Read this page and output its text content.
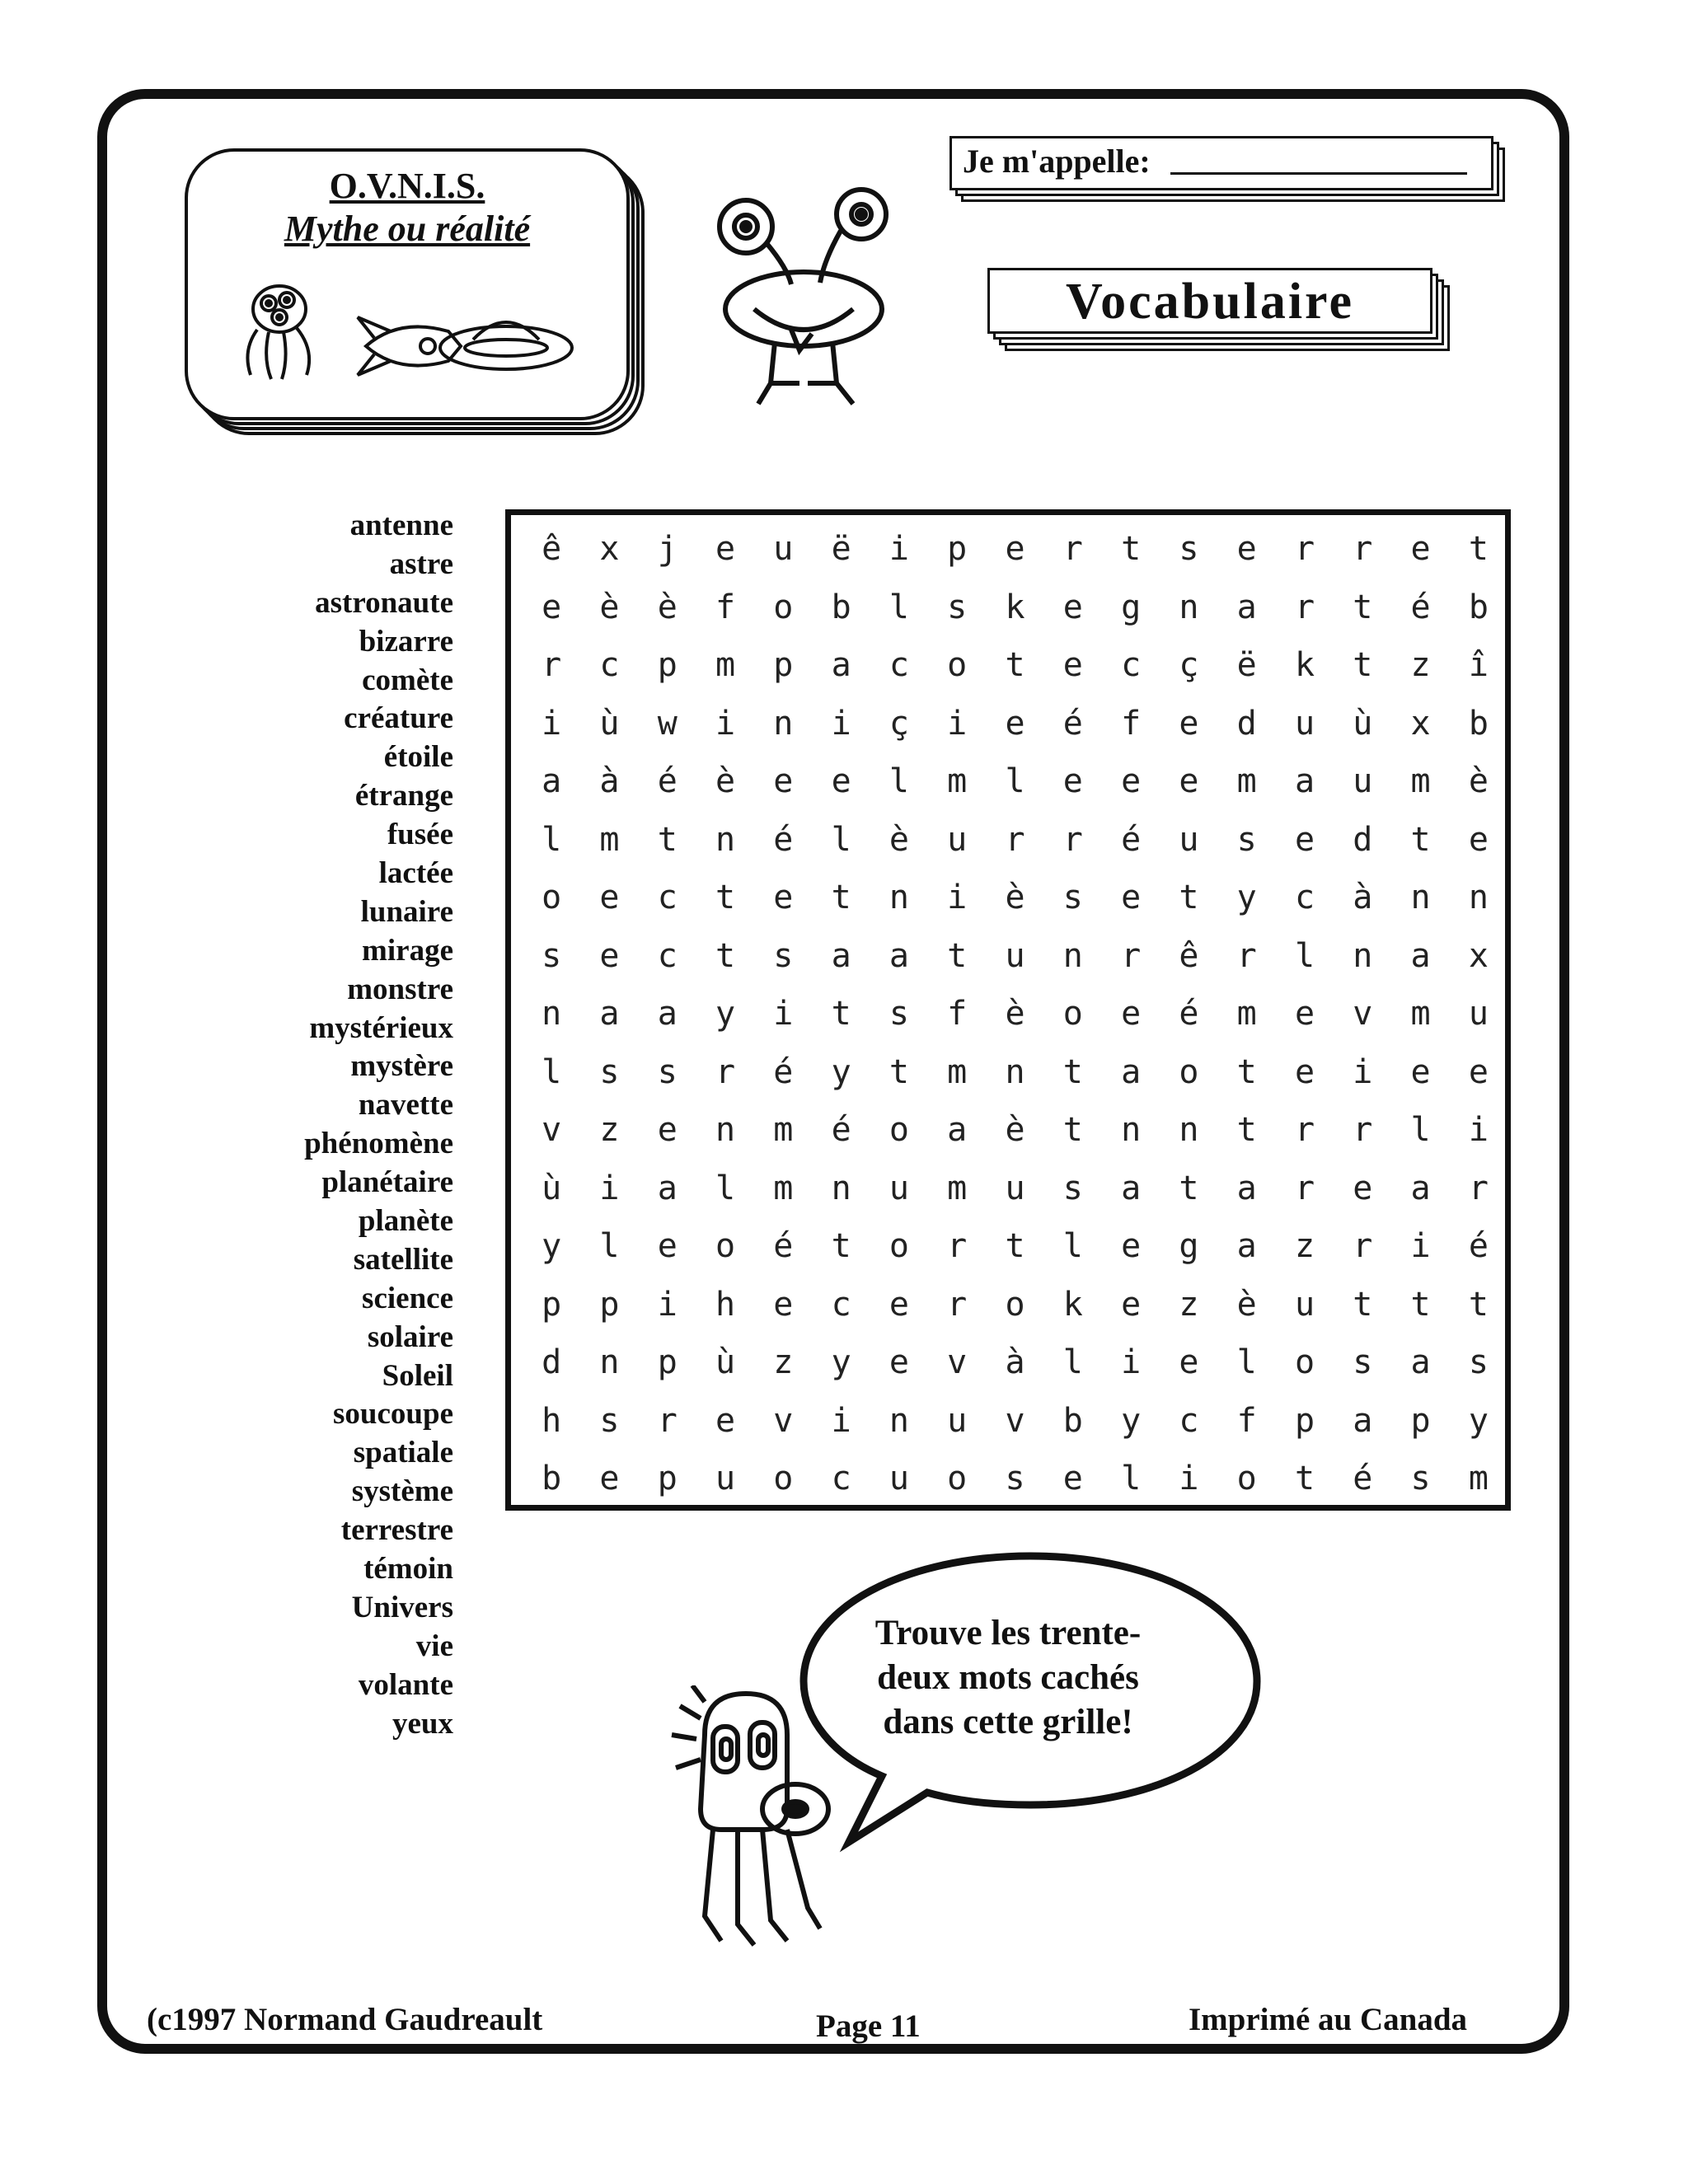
O.V.N.I.S.
Mythe ou réalité
Je m'appelle:
Vocabulaire
antenne
astre
astronaute
bizarre
comète
créature
étoile
étrange
fusée
lactée
lunaire
mirage
monstre
mystérieux
mystère
navette
phénomène
planétaire
planète
satellite
science
solaire
Soleil
soucoupe
spatiale
système
terrestre
témoin
Univers
vie
volante
yeux
ê	x	j	e	u	ë	i	p	e	r	t	s	e	r	r	e	t
e	è	è	f	o	b	l	s	k	e	g	n	a	r	t	é	b
r	c	p	m	p	a	c	o	t	e	c	ç	ë	k	t	z	î
i	ù	w	i	n	i	ç	i	e	é	f	e	d	u	ù	x	b
a	à	é	è	e	e	l	m	l	e	e	e	m	a	u	m	è
l	m	t	n	é	l	è	u	r	r	é	u	s	e	d	t	e
o	e	c	t	e	t	n	i	è	s	e	t	y	c	à	n	n
s	e	c	t	s	a	a	t	u	n	r	ê	r	l	n	a	x
n	a	a	y	i	t	s	f	è	o	e	é	m	e	v	m	u
l	s	s	r	é	y	t	m	n	t	a	o	t	e	i	e	e
v	z	e	n	m	é	o	a	è	t	n	n	t	r	r	l	i
ù	i	a	l	m	n	u	m	u	s	a	t	a	r	e	a	r
y	l	e	o	é	t	o	r	t	l	e	g	a	z	r	i	é
p	p	i	h	e	c	e	r	o	k	e	z	è	u	t	t	t
d	n	p	ù	z	y	e	v	à	l	i	e	l	o	s	a	s
h	s	r	e	v	i	n	u	v	b	y	c	f	p	a	p	y
b	e	p	u	o	c	u	o	s	e	l	i	o	t	é	s	m
Trouve les trente-
deux mots cachés
dans cette grille!
(c1997 Normand Gaudreault	Page 11	Imprimé au Canada
